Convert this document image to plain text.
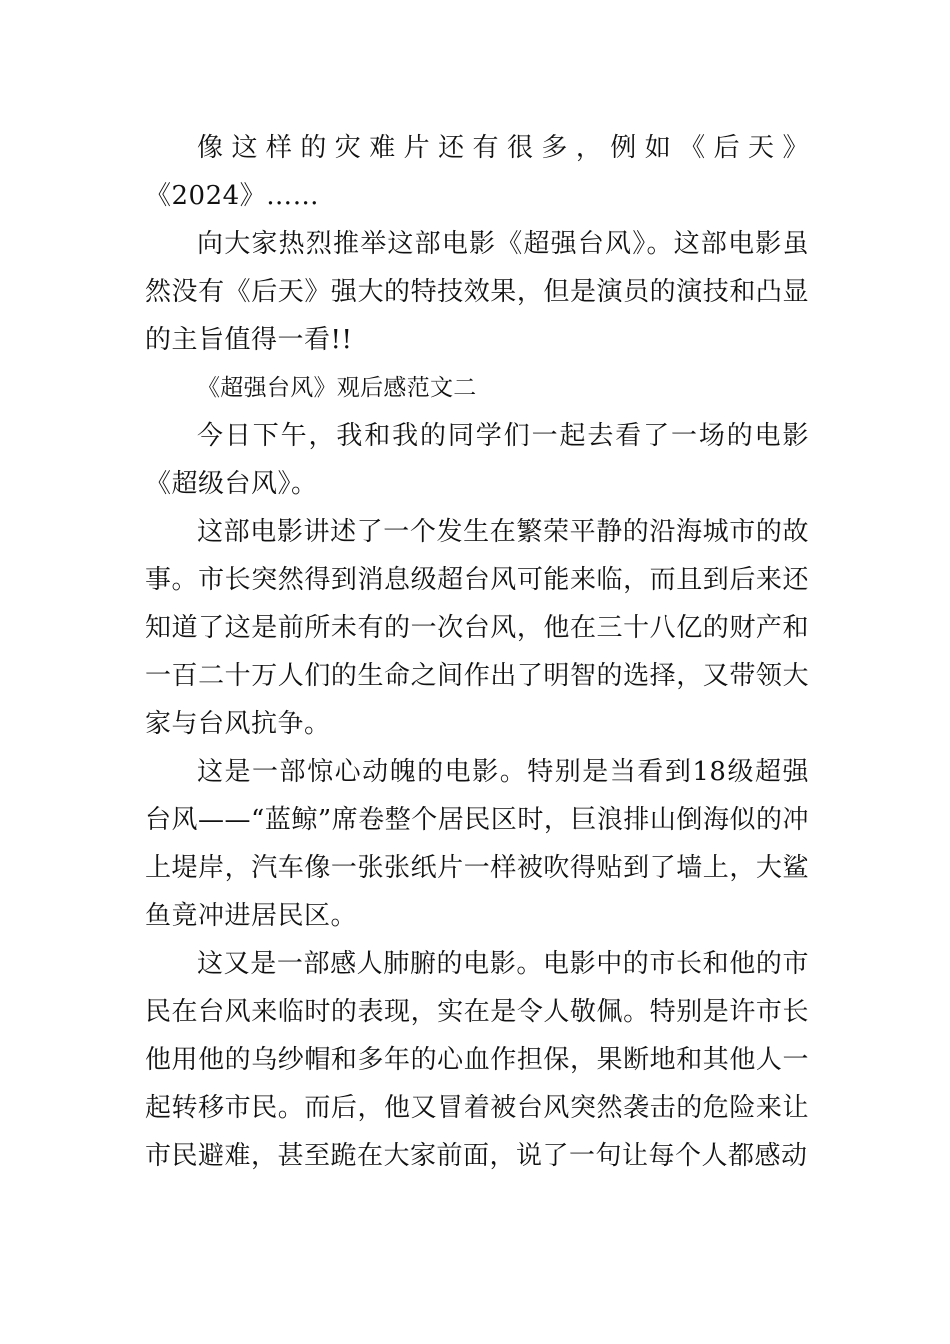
像这样的灾难片还有很多，例如《后天》《2024》……

向大家热烈推举这部电影《超强台风》。这部电影虽然没有《后天》强大的特技效果，但是演员的演技和凸显的主旨值得一看!!

《超强台风》观后感范文二

今日下午，我和我的同学们一起去看了一场的电影《超级台风》。

这部电影讲述了一个发生在繁荣平静的沿海城市的故事。市长突然得到消息级超台风可能来临，而且到后来还知道了这是前所未有的一次台风，他在三十八亿的财产和一百二十万人们的生命之间作出了明智的选择，又带领大家与台风抗争。

这是一部惊心动魄的电影。特别是当看到18级超强台风——“蓝鲸”席卷整个居民区时，巨浪排山倒海似的冲上堤岸，汽车像一张张纸片一样被吹得贴到了墙上，大鲨鱼竟冲进居民区。

这又是一部感人肺腑的电影。电影中的市长和他的市民在台风来临时的表现，实在是令人敬佩。特别是许市长他用他的乌纱帽和多年的心血作担保，果断地和其他人一起转移市民。而后，他又冒着被台风突然袭击的危险来让市民避难，甚至跪在大家前面，说了一句让每个人都感动
